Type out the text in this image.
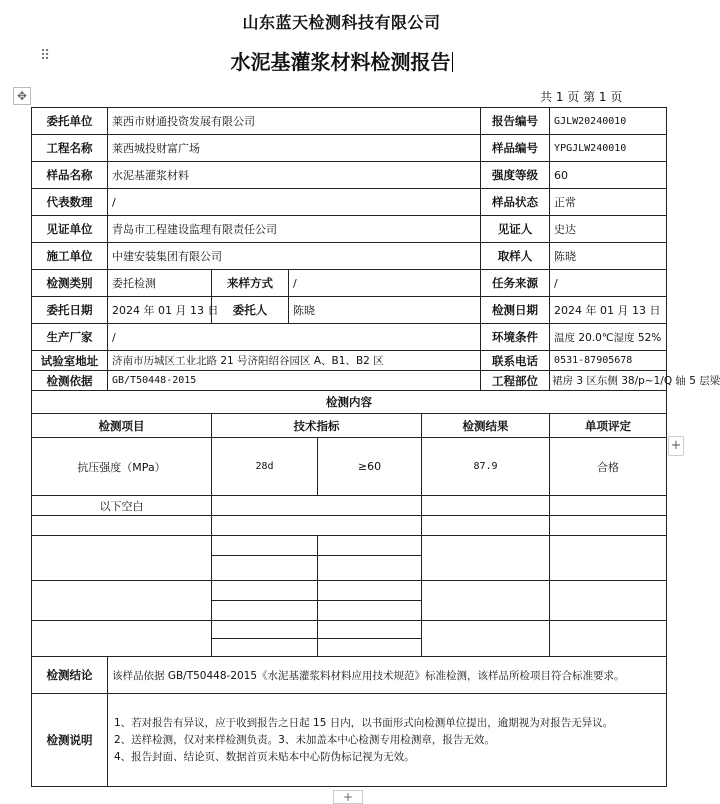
山东蓝天检测科技有限公司
水泥基灌浆材料检测报告
⠿
共 1 页 第 1 页
✥
委托单位	莱西市财通投资发展有限公司					报告编号	GJLW20240010
工程名称	莱西城投财富广场					样品编号	YPGJLW240010
样品名称	水泥基灌浆材料					强度等级	60
代表数理	/					样品状态	正常
见证单位	青岛市工程建设监理有限责任公司					见证人	史达
施工单位	中建安装集团有限公司					取样人	陈晓
检测类别	委托检测	来样方式	/			任务来源	/
委托日期	2024 年 01 月 13 日	委托人	陈晓			检测日期	2024 年 01 月 13 日
生产厂家	/					环境条件	温度 20.0℃湿度 52%
试验室地址	济南市历城区工业北路 21 号济阳绍谷园区 A、B1、B2 区					联系电话	0531-87905678
检测依据	GB/T50448-2015					工程部位	裙房 3 区东侧 38/p~1/Q 轴 5 层梁
检测内容							
检测项目		技术指标			检测结果		单项评定
抗压强度（MPa）		28d		≥60	87.9		合格
以下空白							

检测结论	该样品依据 GB/T50448-2015《水泥基灌浆料材料应用技术规范》标准检测，该样品所检项目符合标准要求。						
检测说明	1、若对报告有异议，应于收到报告之日起 15 日内，以书面形式向检测单位提出，逾期视为对报告无异议。
2、送样检测，仅对来样检测负责。3、未加盖本中心检测专用检测章，报告无效。
4、报告封面、结论页、数据首页未贴本中心防伪标记视为无效。						
+
+
